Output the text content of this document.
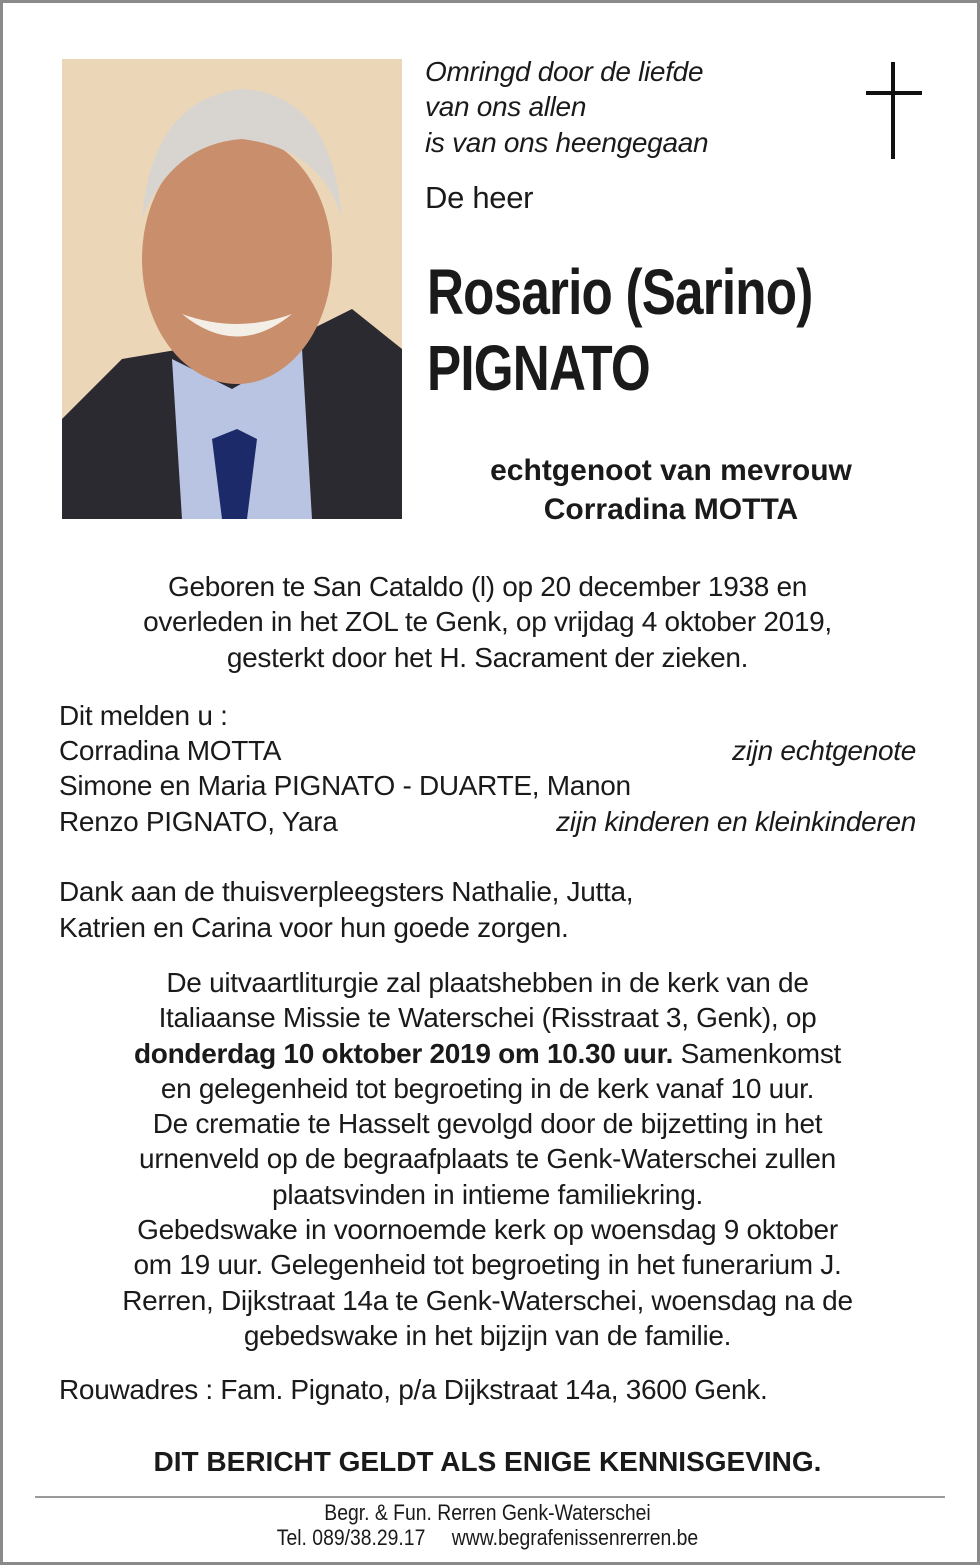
Omringd door de liefde
van ons allen
is van ons heengegaan
De heer
Rosario (Sarino)
PIGNATO
echtgenoot van mevrouw
Corradina MOTTA
Geboren te San Cataldo (l) op 20 december 1938 en
overleden in het ZOL te Genk, op vrijdag 4 oktober 2019,
gesterkt door het H. Sacrament der zieken.
Dit melden u :
Corradina MOTTA	zijn echtgenote
Simone en Maria PIGNATO - DUARTE, Manon
Renzo PIGNATO, Yara	zijn kinderen en kleinkinderen
Dank aan de thuisverpleegsters Nathalie, Jutta,
Katrien en Carina voor hun goede zorgen.
De uitvaartliturgie zal plaatshebben in de kerk van de
Italiaanse Missie te Waterschei (Risstraat 3, Genk), op
donderdag 10 oktober 2019 om 10.30 uur. Samenkomst
en gelegenheid tot begroeting in de kerk vanaf 10 uur.
De crematie te Hasselt gevolgd door de bijzetting in het
urnenveld op de begraafplaats te Genk-Waterschei zullen
plaatsvinden in intieme familiekring.
Gebedswake in voornoemde kerk op woensdag 9 oktober
om 19 uur. Gelegenheid tot begroeting in het funerarium J.
Rerren, Dijkstraat 14a te Genk-Waterschei, woensdag na de
gebedswake in het bijzijn van de familie.
Rouwadres : Fam. Pignato, p/a Dijkstraat 14a, 3600 Genk.
DIT BERICHT GELDT ALS ENIGE KENNISGEVING.
Begr. & Fun. Rerren Genk-Waterschei
Tel. 089/38.29.17 www.begrafenissenrerren.be
